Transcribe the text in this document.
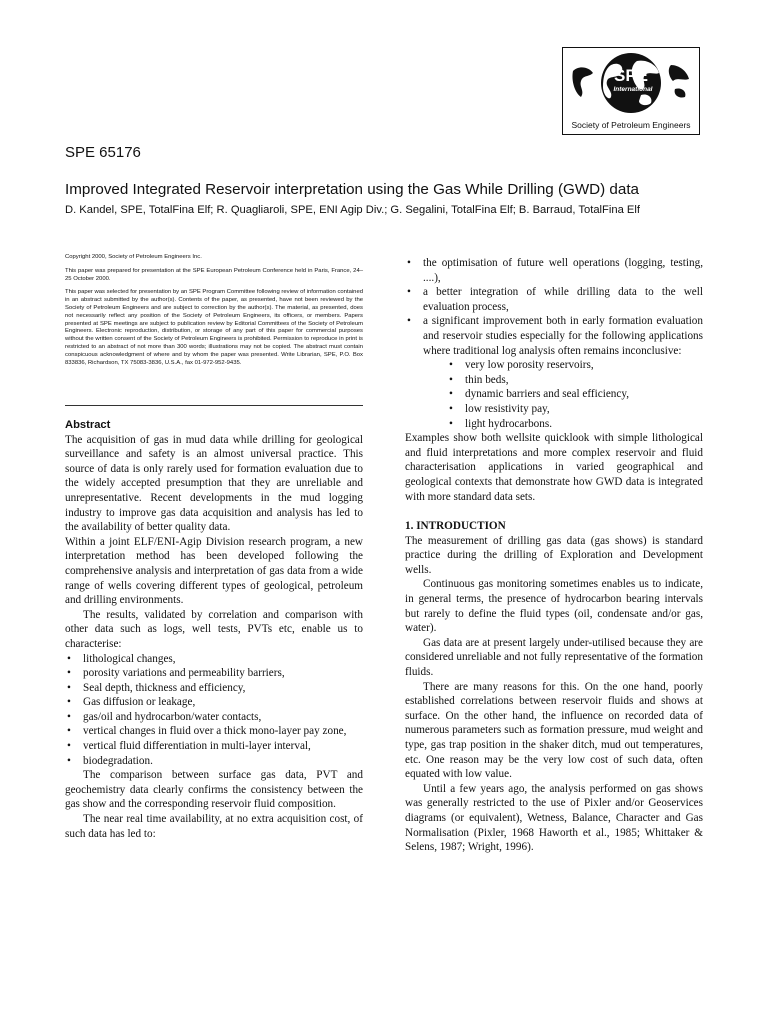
SPE
International
Society of Petroleum Engineers
SPE 65176
Improved Integrated Reservoir interpretation using the Gas While Drilling (GWD) data
D. Kandel, SPE, TotalFina Elf; R. Quagliaroli, SPE, ENI Agip Div.; G. Segalini, TotalFina Elf; B. Barraud, TotalFina Elf

Copyright 2000, Society of Petroleum Engineers Inc.

This paper was prepared for presentation at the SPE European Petroleum Conference held in Paris, France, 24–25 October 2000.

This paper was selected for presentation by an SPE Program Committee following review of information contained in an abstract submitted by the author(s). Contents of the paper, as presented, have not been reviewed by the Society of Petroleum Engineers and are subject to correction by the author(s). The material, as presented, does not necessarily reflect any position of the Society of Petroleum Engineers, its officers, or members. Papers presented at SPE meetings are subject to publication review by Editorial Committees of the Society of Petroleum Engineers. Electronic reproduction, distribution, or storage of any part of this paper for commercial purposes without the written consent of the Society of Petroleum Engineers is prohibited. Permission to reproduce in print is restricted to an abstract of not more than 300 words; illustrations may not be copied. The abstract must contain conspicuous acknowledgment of where and by whom the paper was presented. Write Librarian, SPE, P.O. Box 833836, Richardson, TX 75083-3836, U.S.A., fax 01-972-952-9435.

Abstract

The acquisition of gas in mud data while drilling for geological surveillance and safety is an almost universal practice. This source of data is only rarely used for formation evaluation due to the widely accepted presumption that they are unreliable and unrepresentative. Recent developments in the mud logging industry to improve gas data acquisition and analysis has led to the availability of better quality data.

Within a joint ELF/ENI-Agip Division research program, a new interpretation method has been developed following the comprehensive analysis and interpretation of gas data from a wide range of wells covering different types of geological, petroleum and drilling environments.

The results, validated by correlation and comparison with other data such as logs, well tests, PVTs etc, enable us to characterise:

• lithological changes,
• porosity variations and permeability barriers,
• Seal depth, thickness and efficiency,
• Gas diffusion or leakage,
• gas/oil and hydrocarbon/water contacts,
• vertical changes in fluid over a thick mono-layer pay zone,
• vertical fluid differentiation in multi-layer interval,
• biodegradation.

The comparison between surface gas data, PVT and geochemistry data clearly confirms the consistency between the gas show and the corresponding reservoir fluid composition.

The near real time availability, at no extra acquisition cost, of such data has led to:

• the optimisation of future well operations (logging, testing, ....),
• a better integration of while drilling data to the well evaluation process,
• a significant improvement both in early formation evaluation and reservoir studies especially for the following applications where traditional log analysis often remains inconclusive:
• very low porosity reservoirs,
• thin beds,
• dynamic barriers and seal efficiency,
• low resistivity pay,
• light hydrocarbons.

Examples show both wellsite quicklook with simple lithological and fluid interpretations and more complex reservoir and fluid characterisation applications in varied geographical and geological contexts that demonstrate how GWD data is integrated with more standard data sets.

1. INTRODUCTION

The measurement of drilling gas data (gas shows) is standard practice during the drilling of Exploration and Development wells.

Continuous gas monitoring sometimes enables us to indicate, in general terms, the presence of hydrocarbon bearing intervals but rarely to define the fluid types (oil, condensate and/or gas, water).

Gas data are at present largely under-utilised because they are considered unreliable and not fully representative of the formation fluids.

There are many reasons for this. On the one hand, poorly established correlations between reservoir fluids and shows at surface. On the other hand, the influence on recorded data of numerous parameters such as formation pressure, mud weight and type, gas trap position in the shaker ditch, mud out temperatures, etc. One reason may be the very low cost of such data, often equated with low value.

Until a few years ago, the analysis performed on gas shows was generally restricted to the use of Pixler and/or Geoservices diagrams (or equivalent), Wetness, Balance, Character and Gas Normalisation (Pixler, 1968 Haworth et al., 1985; Whittaker & Selens, 1987; Wright, 1996).
